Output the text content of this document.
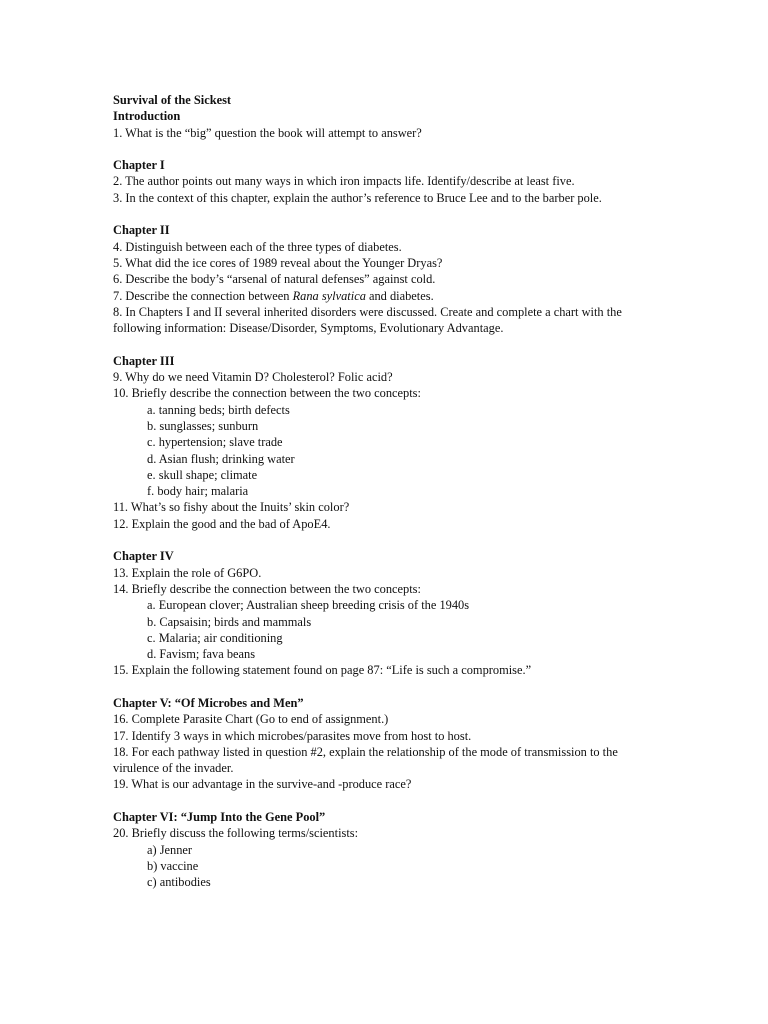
Survival of the Sickest
Introduction
1. What is the “big” question the book will attempt to answer?
Chapter I
2. The author points out many ways in which iron impacts life. Identify/describe at least five.
3. In the context of this chapter, explain the author’s reference to Bruce Lee and to the barber pole.
Chapter II
4. Distinguish between each of the three types of diabetes.
5. What did the ice cores of 1989 reveal about the Younger Dryas?
6. Describe the body’s “arsenal of natural defenses” against cold.
7. Describe the connection between Rana sylvatica and diabetes.
8. In Chapters I and II several inherited disorders were discussed. Create and complete a chart with the following information: Disease/Disorder, Symptoms, Evolutionary Advantage.
Chapter III
9. Why do we need Vitamin D? Cholesterol? Folic acid?
10. Briefly describe the connection between the two concepts:
a. tanning beds; birth defects
b. sunglasses; sunburn
c. hypertension; slave trade
d. Asian flush; drinking water
e. skull shape; climate
f. body hair; malaria
11. What’s so fishy about the Inuits’ skin color?
12. Explain the good and the bad of ApoE4.
Chapter IV
13. Explain the role of G6PO.
14. Briefly describe the connection between the two concepts:
a. European clover; Australian sheep breeding crisis of the 1940s
b. Capsaisin; birds and mammals
c. Malaria; air conditioning
d. Favism; fava beans
15. Explain the following statement found on page 87: “Life is such a compromise.”
Chapter V: “Of Microbes and Men”
16. Complete Parasite Chart (Go to end of assignment.)
17. Identify 3 ways in which microbes/parasites move from host to host.
18. For each pathway listed in question #2, explain the relationship of the mode of transmission to the virulence of the invader.
19. What is our advantage in the survive-and -produce race?
Chapter VI: “Jump Into the Gene Pool”
20. Briefly discuss the following terms/scientists:
a) Jenner
b) vaccine
c) antibodies
